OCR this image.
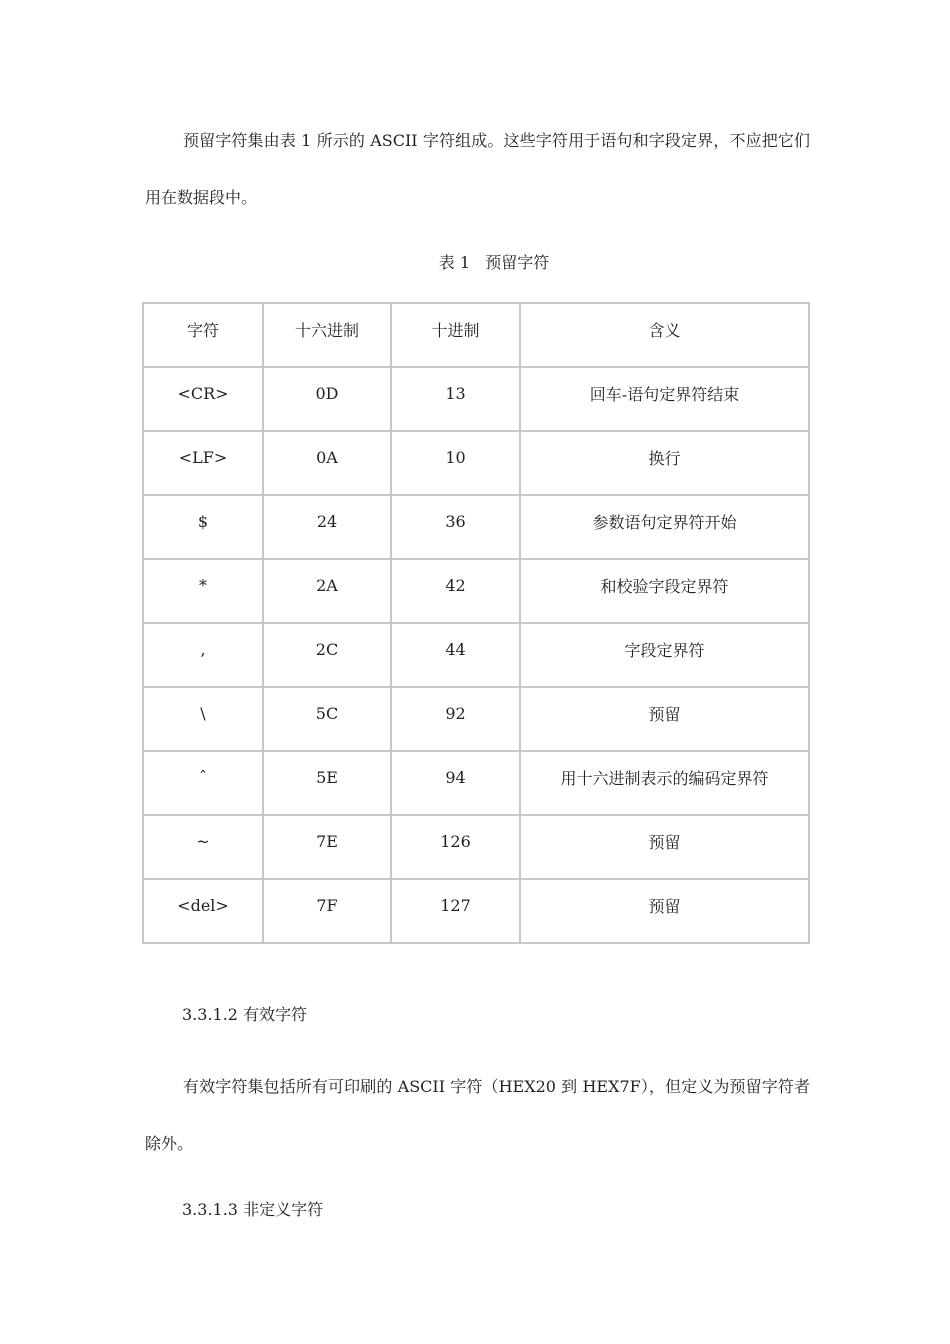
预留字符集由表 1 所示的 ASCII 字符组成。这些字符用于语句和字段定界，不应把它们用在数据段中。

表 1   预留字符
字符	十六进制	十进制	含义
<CR>	0D	13	回车-语句定界符结束
<LF>	0A	10	换行
$	24	36	参数语句定界符开始
*	2A	42	和校验字段定界符
,	2C	44	字段定界符
\	5C	92	预留
ˆ	5E	94	用十六进制表示的编码定界符
~	7E	126	预留
<del>	7F	127	预留
3.3.1.2 有效字符

有效字符集包括所有可印刷的 ASCII 字符（HEX20 到 HEX7F），但定义为预留字符者除外。

3.3.1.3 非定义字符
